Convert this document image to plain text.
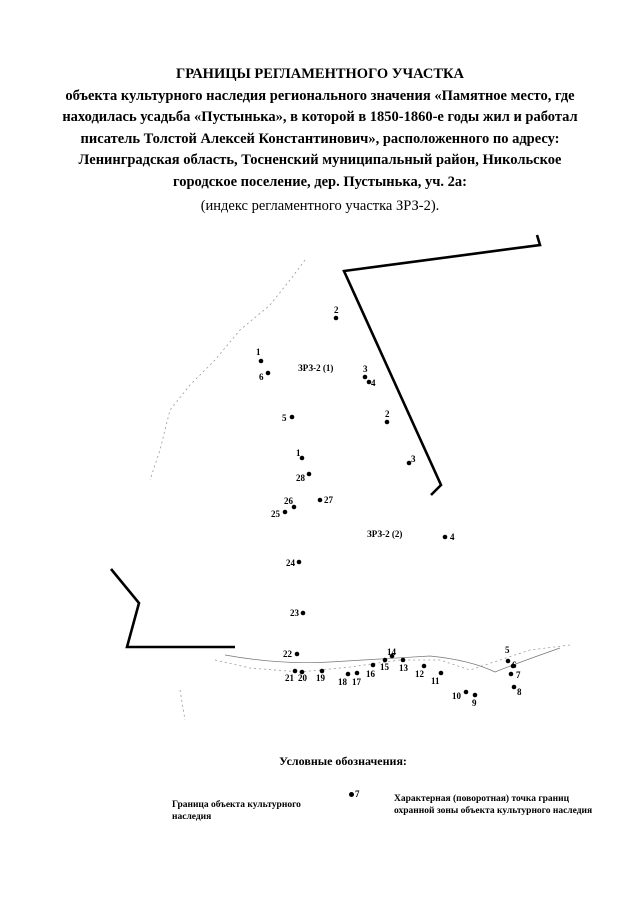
ГРАНИЦЫ РЕГЛАМЕНТНОГО УЧАСТКА
объекта культурного наследия регионального значения «Памятное место, где
находилась усадьба «Пустынька», в которой в 1850-1860-е годы жил и работал
писатель Толстой Алексей Константинович», расположенного по адресу:
Ленинградская область, Тосненский муниципальный район, Никольское
городское поселение, дер. Пустынька, уч. 2а:
(индекс регламентного участка ЗРЗ-2).
ЗРЗ-2 (1)
ЗРЗ-2 (2)
2
1
6
3
4
5	2
1
3
28
26	27
25
4
24
23
22
21 20 19 18 17
16
15
14
13
12
11
10
9
5
6
7
8
Условные обозначения:
Граница объекта культурного наследия
7	Характерная (поворотная) точка границ охранной зоны объекта культурного наследия
